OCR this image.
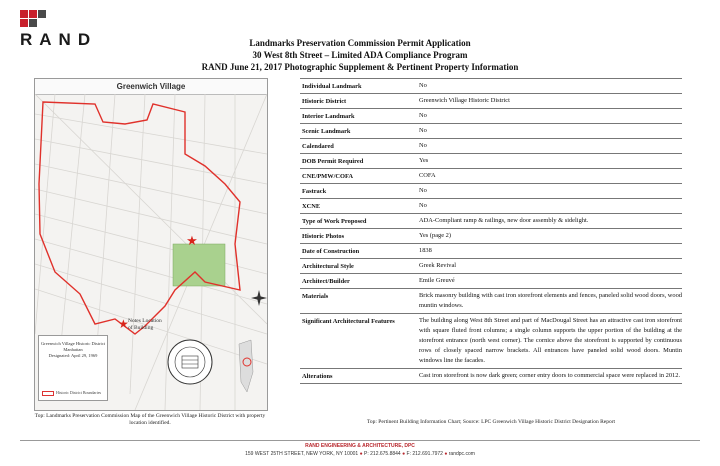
RAND	Landmarks Preservation Commission Permit Application
30 West 8th Street – Limited ADA Compliance Program
RAND June 21, 2017 Photographic Supplement & Pertinent Property Information
Greenwich Village
★
Greenwich Village Historic District
Manhattan
Designated: April 29, 1969
Historic District Boundaries
★ Notes Location of Building
Top: Landmarks Preservation Commission Map of the Greenwich Village Historic District with property location identified.
Individual Landmark	No
Historic District	Greenwich Village Historic District
Interior Landmark	No
Scenic Landmark	No
Calendared	No
DOB Permit Required	Yes
CNE/PMW/COFA	COFA
Fastrack	No
XCNE	No
Type of Work Proposed	ADA-Compliant ramp & railings, new door assembly & sidelight.
Historic Photos	Yes (page 2)
Date of Construction	1838
Architectural Style	Greek Revival
Architect/Builder	Emile Greuvé
Materials	Brick masonry building with cast iron storefront elements and fences, paneled solid wood doors, wood muntin windows.
Significant Architectural Features	The building along West 8th Street and part of MacDougal Street has an attractive cast iron storefront with square fluted front columns; a single column supports the upper portion of the building at the storefront entrance (north west corner). The cornice above the storefront is supported by continuous rows of closely spaced narrow brackets. All entrances have paneled solid wood doors. Muntin windows line the facades.
Alterations	Cast iron storefront is now dark green; corner entry doors to commercial space were replaced in 2012.
Top: Pertinent Building Information Chart; Source: LPC Greenwich Village Historic District Designation Report
RAND ENGINEERING & ARCHITECTURE, DPC
159 WEST 25TH STREET, NEW YORK, NY 10001 ● P: 212.675.8844 ● F: 212.691.7972 ● randpc.com
